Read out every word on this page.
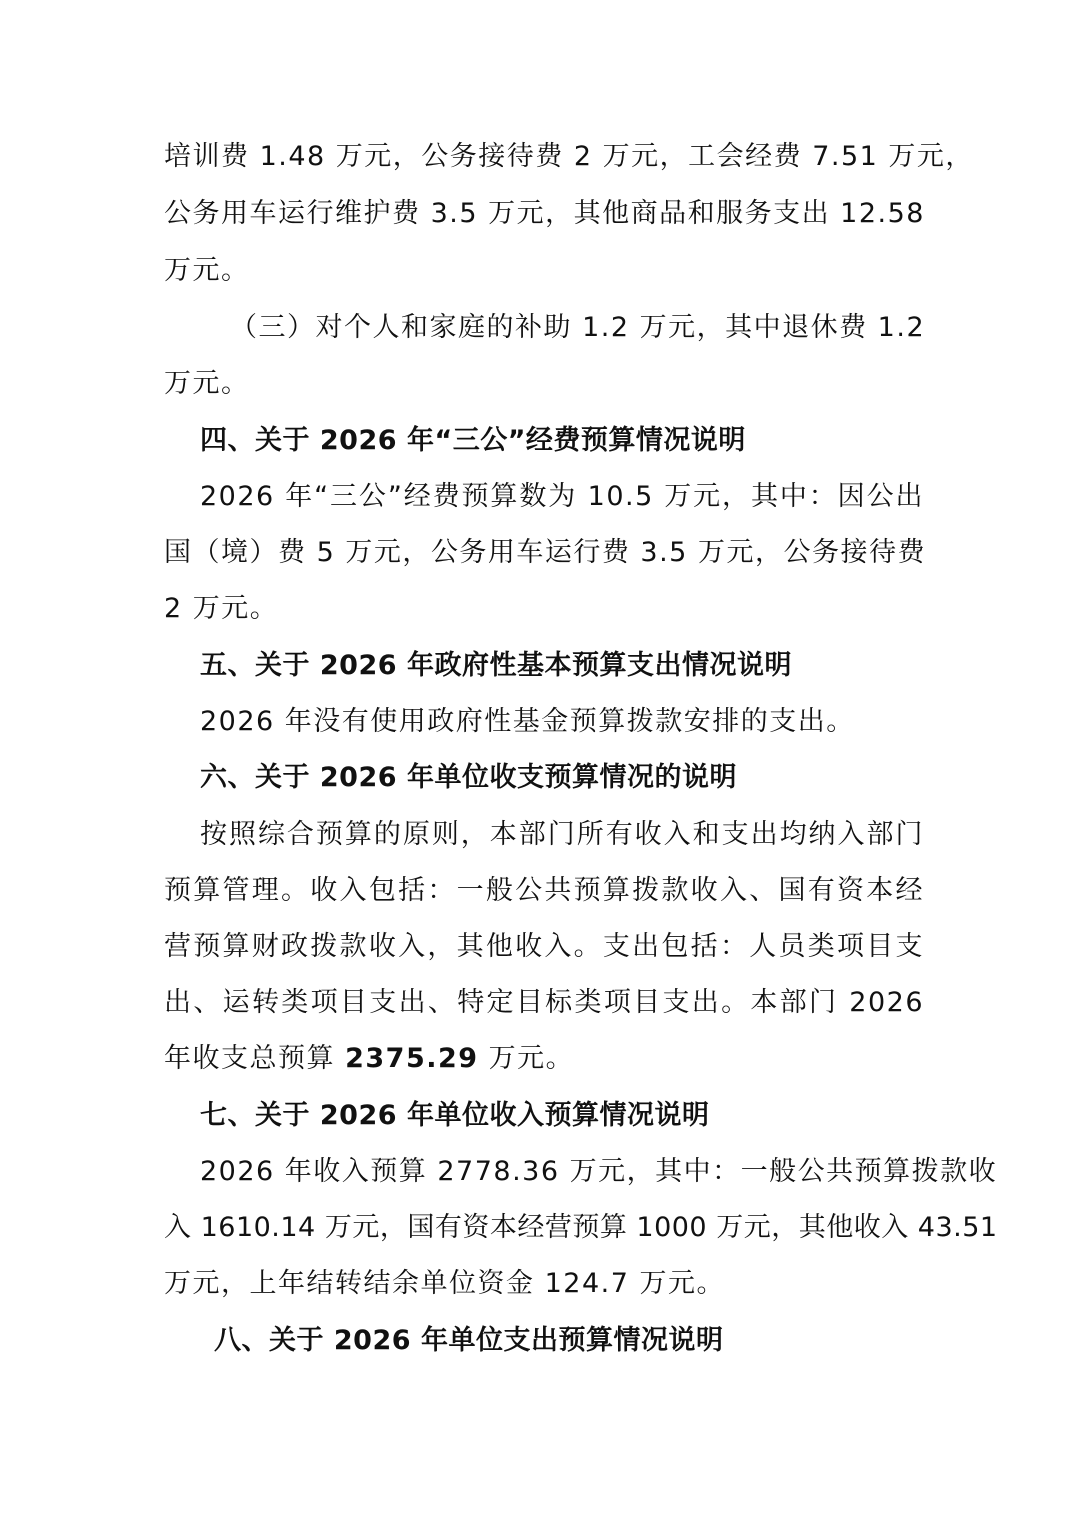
培训费 1.48 万元，公务接待费 2 万元，工会经费 7.51 万元，
公务用车运行维护费 3.5 万元，其他商品和服务支出 12.58
万元。
（三）对个人和家庭的补助 1.2 万元，其中退休费 1.2
万元。
四、关于 2026 年“三公”经费预算情况说明
2026 年“三公”经费预算数为 10.5 万元，其中：因公出
国（境）费 5 万元，公务用车运行费 3.5 万元，公务接待费
2 万元。
五、关于 2026 年政府性基本预算支出情况说明
2026 年没有使用政府性基金预算拨款安排的支出。
六、关于 2026 年单位收支预算情况的说明
按照综合预算的原则，本部门所有收入和支出均纳入部门
预算管理。收入包括：一般公共预算拨款收入、国有资本经
营预算财政拨款收入，其他收入。支出包括：人员类项目支
出、运转类项目支出、特定目标类项目支出。本部门 2026
年收支总预算 2375.29 万元。
七、关于 2026 年单位收入预算情况说明
2026 年收入预算 2778.36 万元，其中：一般公共预算拨款收
入 1610.14 万元，国有资本经营预算 1000 万元，其他收入 43.51
万元，上年结转结余单位资金 124.7 万元。
八、关于 2026 年单位支出预算情况说明
